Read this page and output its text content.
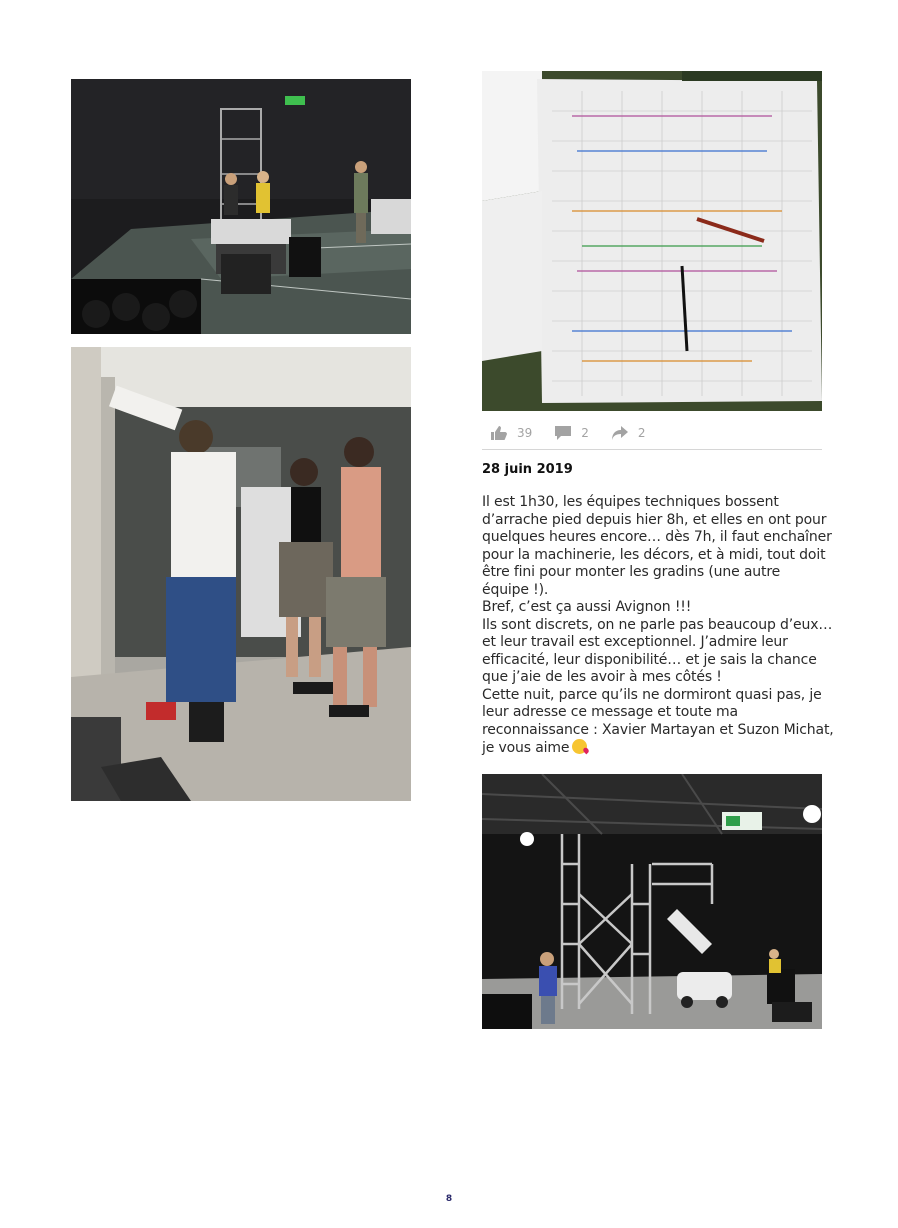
39	2	2
28 juin 2019
Il est 1h30, les équipes techniques bossent
d’arrache pied depuis hier 8h, et elles en ont pour
quelques heures encore… dès 7h, il faut enchaîner
pour la machinerie, les décors, et à midi, tout doit
être fini pour monter les gradins (une autre
équipe !).
Bref, c’est ça aussi Avignon !!!
Ils sont discrets, on ne parle pas beaucoup d’eux…
et leur travail est exceptionnel. J’admire leur
efficacité, leur disponibilité… et je sais la chance
que j’aie de les avoir à mes côtés !
Cette nuit, parce qu’ils ne dormiront quasi pas, je
leur adresse ce message et toute ma
reconnaissance : Xavier Martayan et Suzon Michat,
je vous aime
8
